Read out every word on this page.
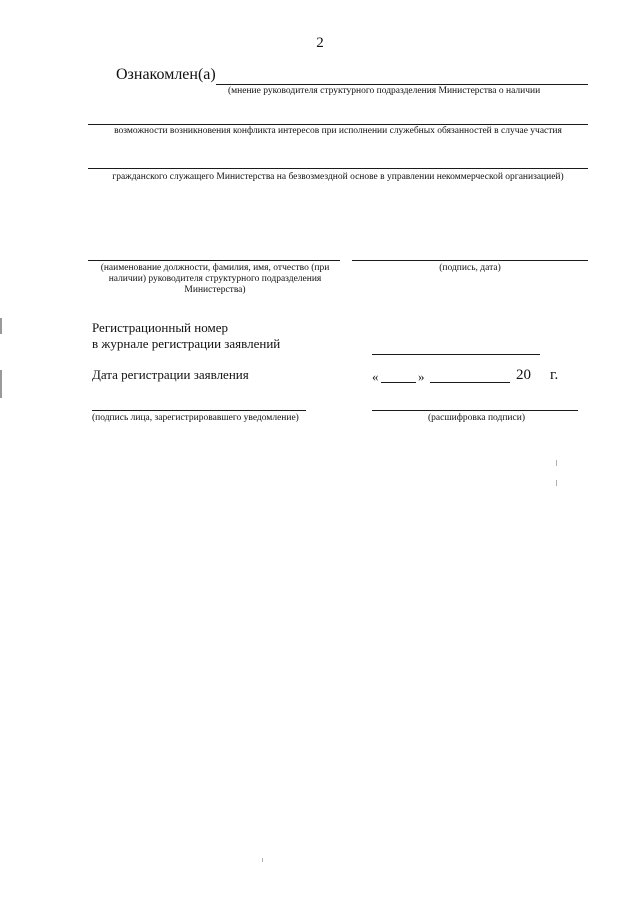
2
Ознакомлен(а)
(мнение руководителя структурного подразделения Министерства о наличии
возможности возникновения конфликта интересов при исполнении служебных обязанностей в случае участия
гражданского служащего Министерства на безвозмездной основе в управлении некоммерческой организацией)
(наименование должности, фамилия, имя, отчество (при наличии) руководителя структурного подразделения Министерства)
(подпись, дата)
Регистрационный номер
в журнале регистрации заявлений
Дата регистрации заявления	«	»	20 г.
(подпись лица, зарегистрировавшего уведомление)	(расшифровка подписи)
